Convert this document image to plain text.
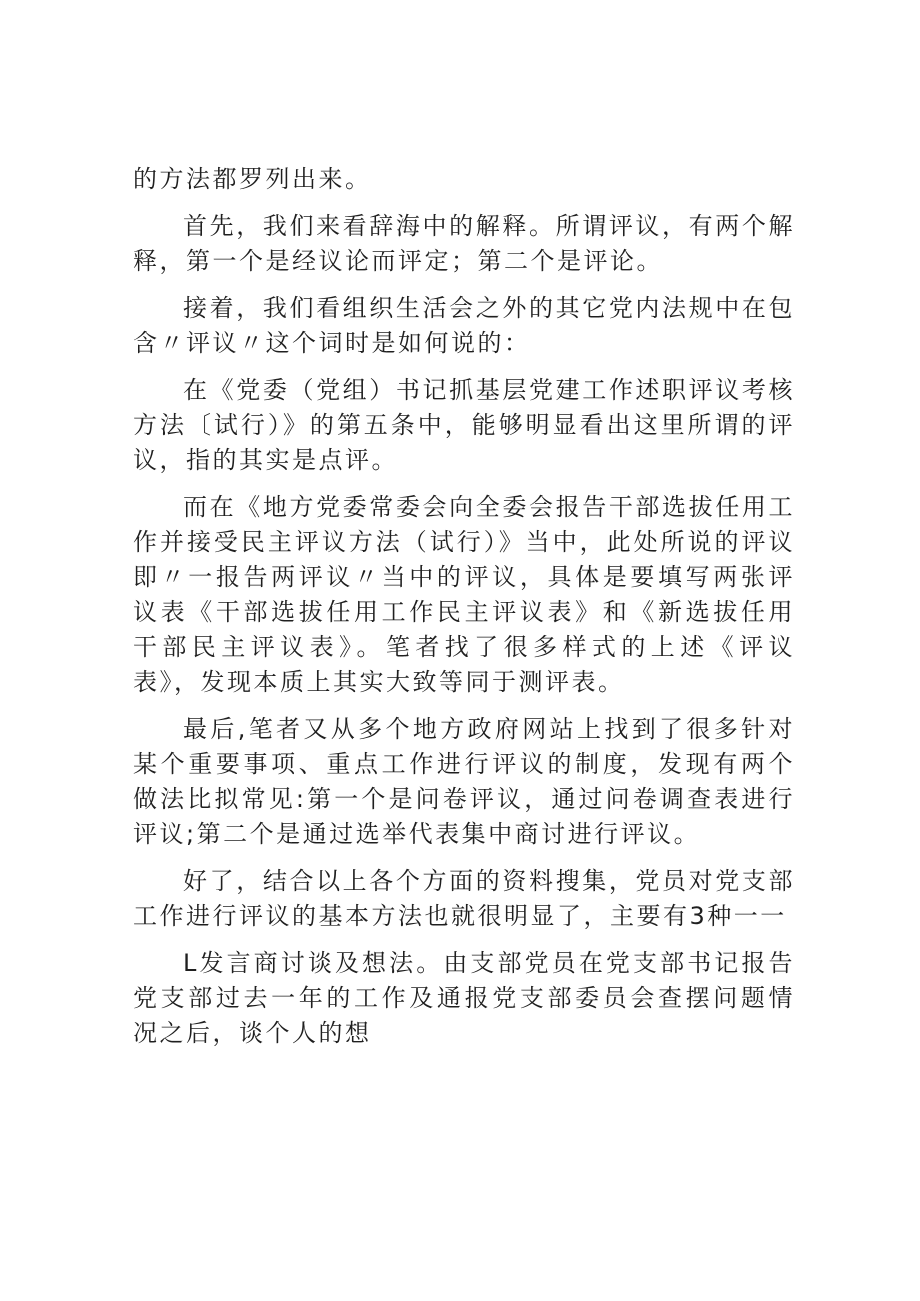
的方法都罗列出来。

首先，我们来看辞海中的解释。所谓评议，有两个解释，第一个是经议论而评定；第二个是评论。

接着，我们看组织生活会之外的其它党内法规中在包含〃评议〃这个词时是如何说的：

在《党委（党组）书记抓基层党建工作述职评议考核方法〔试行）》的第五条中，能够明显看出这里所谓的评议，指的其实是点评。

而在《地方党委常委会向全委会报告干部选拔任用工作并接受民主评议方法（试行）》当中，此处所说的评议即〃一报告两评议〃当中的评议，具体是要填写两张评议表《干部选拔任用工作民主评议表》和《新选拔任用干部民主评议表》。笔者找了很多样式的上述《评议表》，发现本质上其实大致等同于测评表。

最后,笔者又从多个地方政府网站上找到了很多针对某个重要事项、重点工作进行评议的制度，发现有两个做法比拟常见:第一个是问卷评议，通过问卷调查表进行评议;第二个是通过选举代表集中商讨进行评议。

好了，结合以上各个方面的资料搜集，党员对党支部工作进行评议的基本方法也就很明显了，主要有3种一一

L发言商讨谈及想法。由支部党员在党支部书记报告党支部过去一年的工作及通报党支部委员会查摆问题情况之后，谈个人的想
